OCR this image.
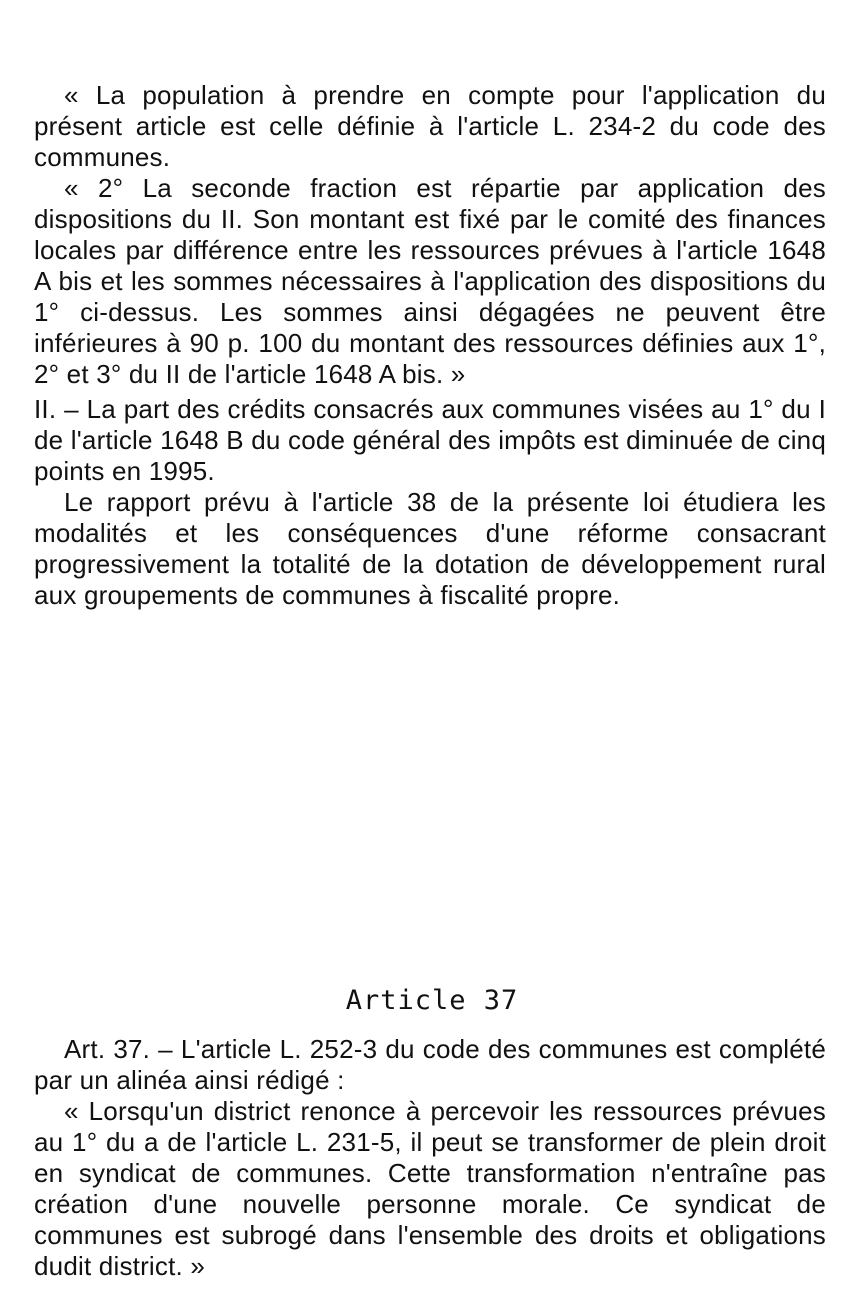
« La population à prendre en compte pour l'application du présent article est celle définie à l'article L. 234-2 du code des communes.

« 2° La seconde fraction est répartie par application des dispositions du II. Son montant est fixé par le comité des finances locales par différence entre les ressources prévues à l'article 1648 A bis et les sommes nécessaires à l'application des dispositions du 1° ci-dessus. Les sommes ainsi dégagées ne peuvent être inférieures à 90 p. 100 du montant des ressources définies aux 1°, 2° et 3° du II de l'article 1648 A bis. »

II. – La part des crédits consacrés aux communes visées au 1° du I de l'article 1648 B du code général des impôts est diminuée de cinq points en 1995.

Le rapport prévu à l'article 38 de la présente loi étudiera les modalités et les conséquences d'une réforme consacrant progressivement la totalité de la dotation de développement rural aux groupements de communes à fiscalité propre.

Article 37

Art. 37. – L'article L. 252-3 du code des communes est complété par un alinéa ainsi rédigé :

« Lorsqu'un district renonce à percevoir les ressources prévues au 1° du a de l'article L. 231-5, il peut se transformer de plein droit en syndicat de communes. Cette transformation n'entraîne pas création d'une nouvelle personne morale. Ce syndicat de communes est subrogé dans l'ensemble des droits et obligations dudit district. »
